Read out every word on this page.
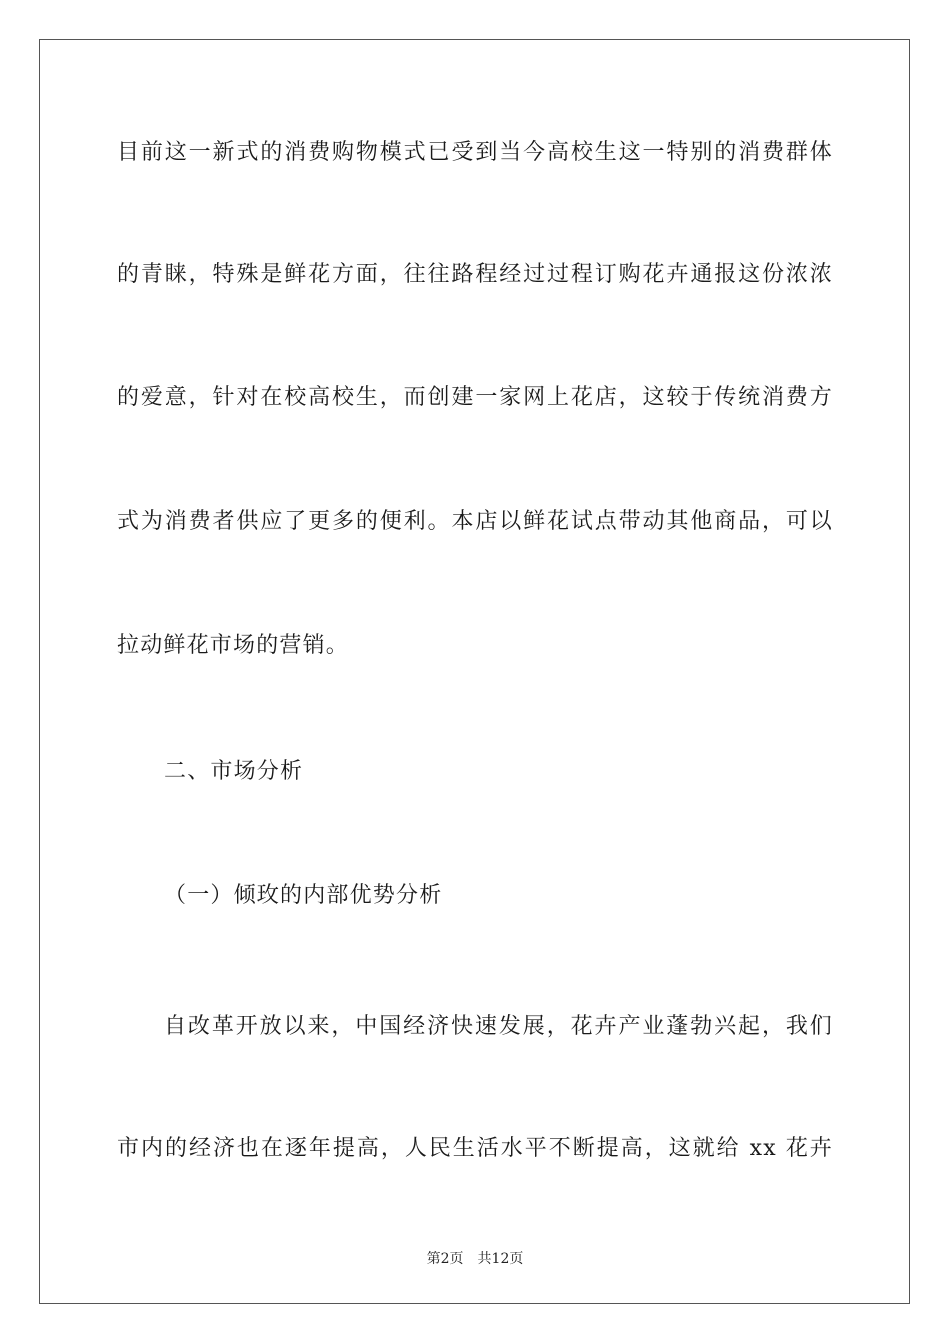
目前这一新式的消费购物模式已受到当今高校生这一特别的消费群体
的青睐，特殊是鲜花方面，往往路程经过过程订购花卉通报这份浓浓
的爱意，针对在校高校生，而创建一家网上花店，这较于传统消费方
式为消费者供应了更多的便利。本店以鲜花试点带动其他商品，可以
拉动鲜花市场的营销。
二、市场分析
（一）倾玫的内部优势分析
自改革开放以来，中国经济快速发展，花卉产业蓬勃兴起，我们
市内的经济也在逐年提高，人民生活水平不断提高，这就给 xx 花卉
第2页 共12页
